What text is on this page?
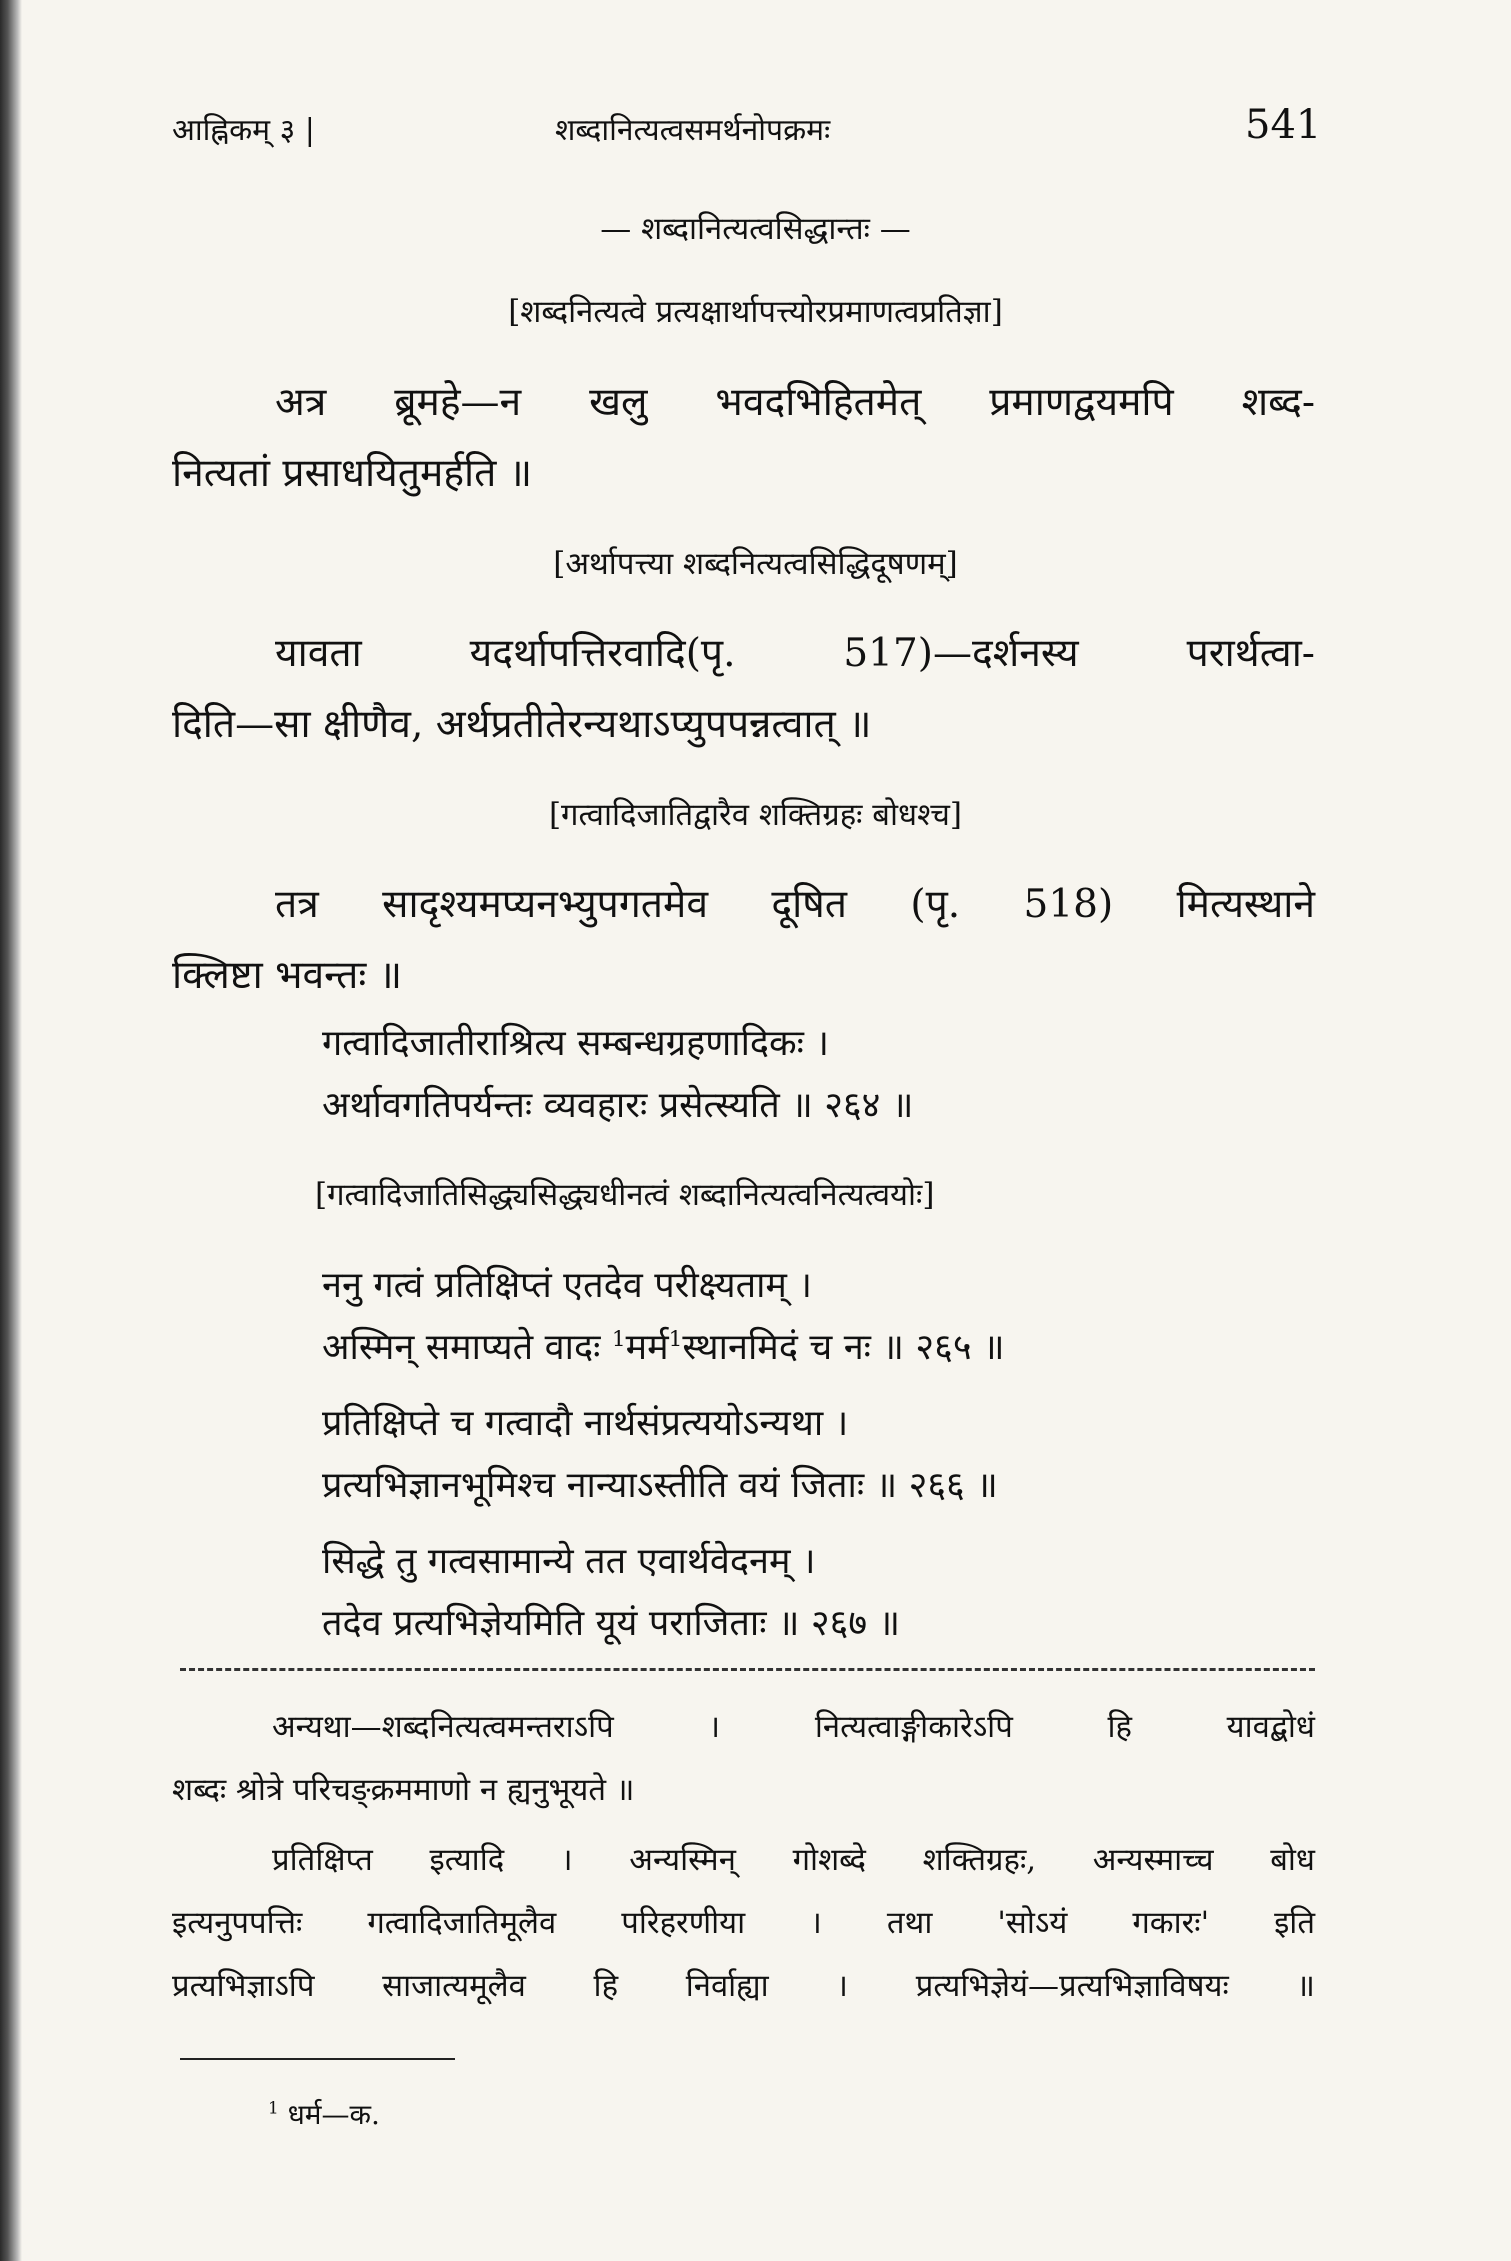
आह्निकम् ३ |	शब्दानित्यत्वसमर्थनोपक्रमः	541
— शब्दानित्यत्वसिद्धान्तः —
[शब्दनित्यत्वे प्रत्यक्षार्थापत्त्योरप्रमाणत्वप्रतिज्ञा]
अत्र ब्रूमहे—न खलु भवदभिहितमेत् प्रमाणद्वयमपि शब्द-
नित्यतां प्रसाधयितुमर्हति ॥
[अर्थापत्त्या शब्दनित्यत्वसिद्धिदूषणम्]
यावता यदर्थापत्तिरवादि(पृ. 517)—दर्शनस्य परार्थत्वा-
दिति—सा क्षीणैव, अर्थप्रतीतेरन्यथाऽप्युपपन्नत्वात् ॥
[गत्वादिजातिद्वारैव शक्तिग्रहः बोधश्च]
तत्र सादृश्यमप्यनभ्युपगतमेव दूषित (पृ. 518) मित्यस्थाने
क्लिष्टा भवन्तः ॥
गत्वादिजातीराश्रित्य सम्बन्धग्रहणादिकः ।
अर्थावगतिपर्यन्तः व्यवहारः प्रसेत्स्यति ॥ २६४ ॥
[गत्वादिजातिसिद्ध्यसिद्ध्यधीनत्वं शब्दानित्यत्वनित्यत्वयोः]
ननु गत्वं प्रतिक्षिप्तं एतदेव परीक्ष्यताम् ।
अस्मिन् समाप्यते वादः $^1$मर्म$^1$स्थानमिदं च नः ॥ २६५ ॥
प्रतिक्षिप्ते च गत्वादौ नार्थसंप्रत्ययोऽन्यथा ।
प्रत्यभिज्ञानभूमिश्च नान्याऽस्तीति वयं जिताः ॥ २६६ ॥
सिद्धे तु गत्वसामान्ये तत एवार्थवेदनम् ।
तदेव प्रत्यभिज्ञेयमिति यूयं पराजिताः ॥ २६७ ॥
अन्यथा—शब्दनित्यत्वमन्तराऽपि । नित्यत्वाङ्गीकारेऽपि हि यावद्बोधं
शब्दः श्रोत्रे परिचङ्क्रममाणो न ह्यनुभूयते ॥
प्रतिक्षिप्त इत्यादि । अन्यस्मिन् गोशब्दे शक्तिग्रहः, अन्यस्माच्च बोध
इत्यनुपपत्तिः गत्वादिजातिमूलैव परिहरणीया । तथा 'सोऽयं गकारः' इति
प्रत्यभिज्ञाऽपि साजात्यमूलैव हि निर्वाह्या । प्रत्यभिज्ञेयं—प्रत्यभिज्ञाविषयः ॥
$^1$ धर्म—क.
